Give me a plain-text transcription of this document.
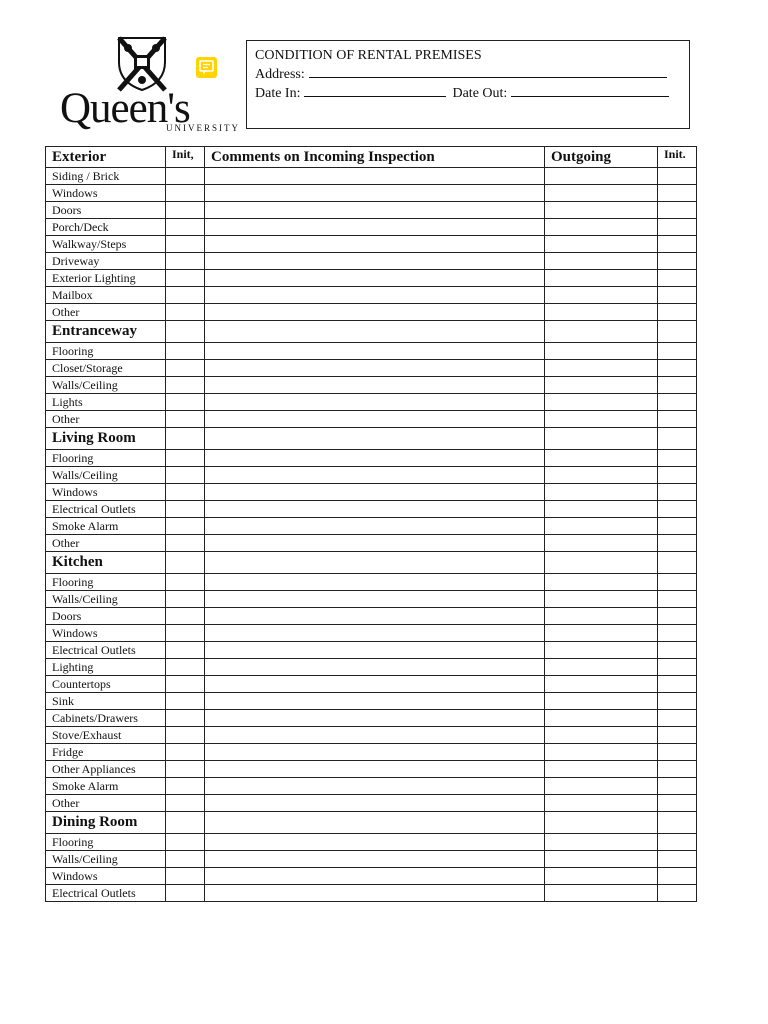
Queen's
UNIVERSITY
CONDITION OF RENTAL PREMISES
Address:
Date In:	Date Out:
Exterior	Init,	Comments on Incoming Inspection	Outgoing	Init.
Siding / Brick				
Windows				
Doors				
Porch/Deck				
Walkway/Steps				
Driveway				
Exterior Lighting				
Mailbox				
Other				
Entranceway				
Flooring				
Closet/Storage				
Walls/Ceiling				
Lights				
Other				
Living Room				
Flooring				
Walls/Ceiling				
Windows				
Electrical Outlets				
Smoke Alarm				
Other				
Kitchen				
Flooring				
Walls/Ceiling				
Doors				
Windows				
Electrical Outlets				
Lighting				
Countertops				
Sink				
Cabinets/Drawers				
Stove/Exhaust				
Fridge				
Other Appliances				
Smoke Alarm				
Other				
Dining Room				
Flooring				
Walls/Ceiling				
Windows				
Electrical Outlets				
